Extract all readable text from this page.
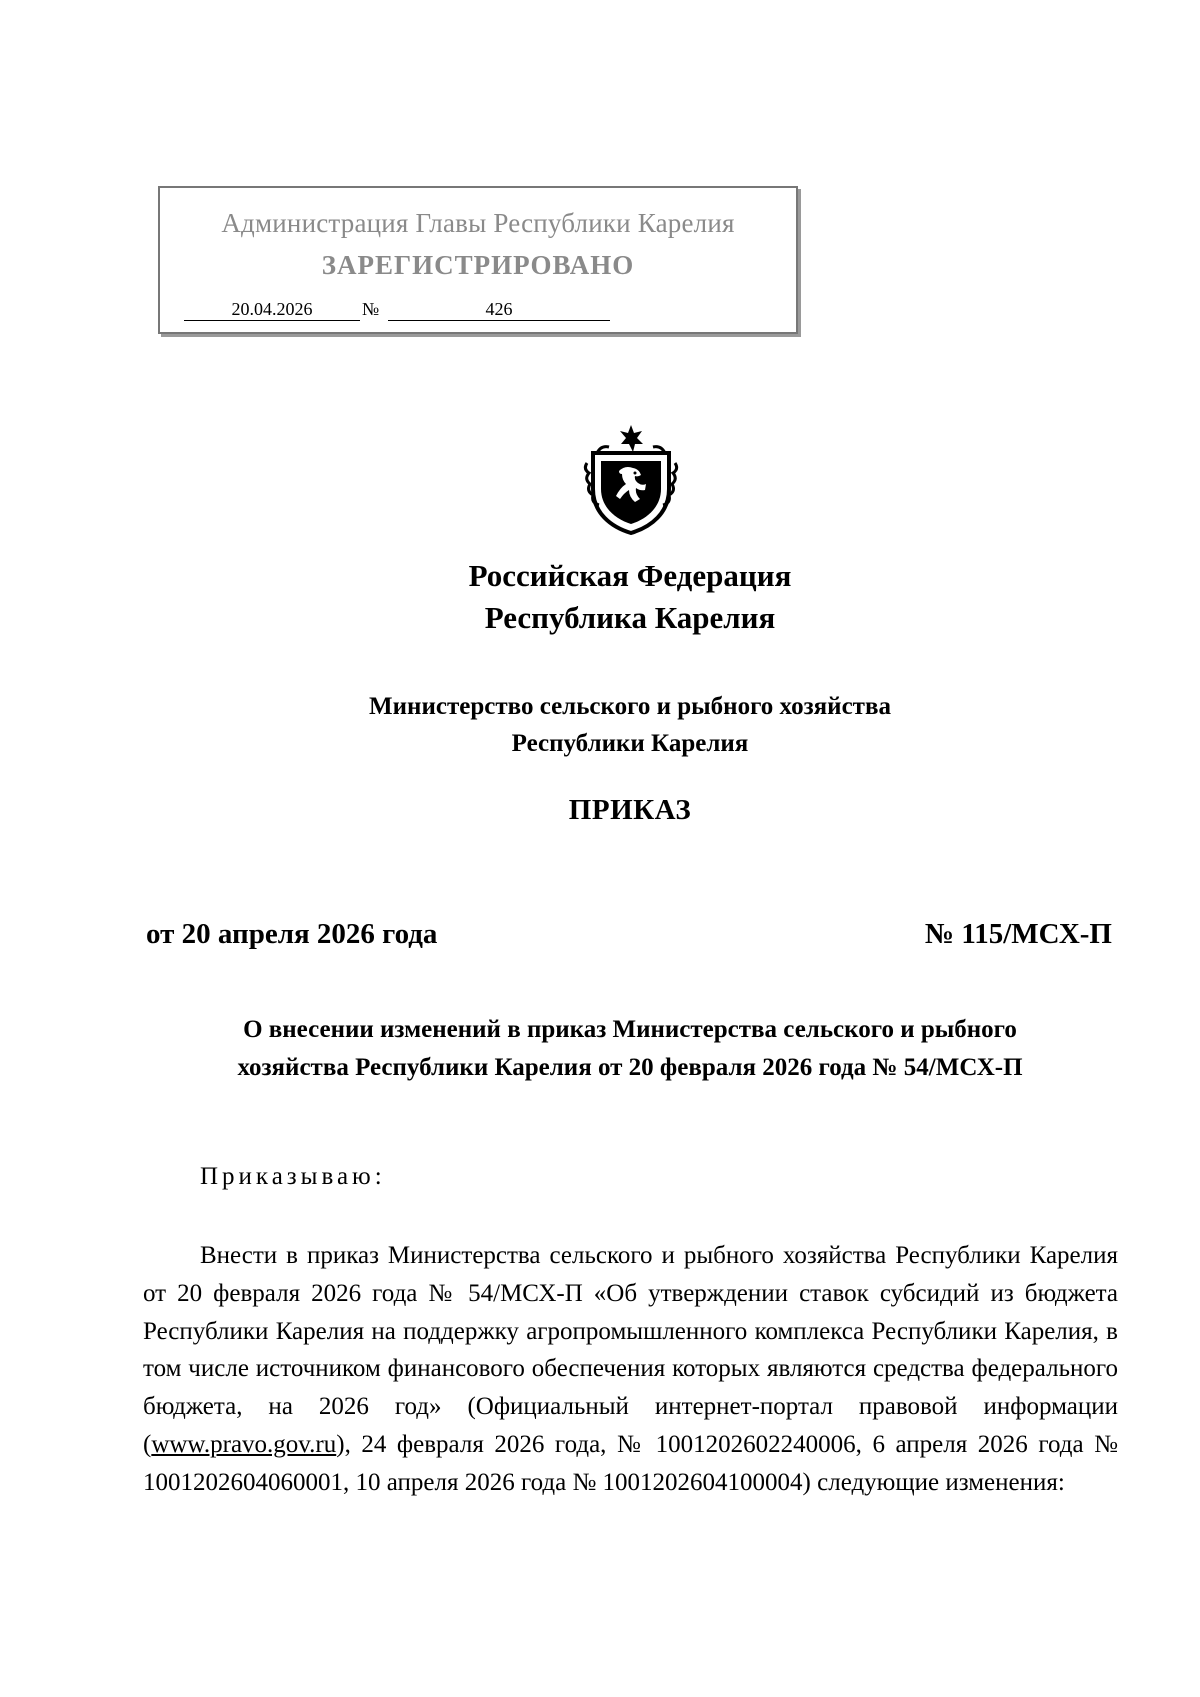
Администрация Главы Республики Карелия
ЗАРЕГИСТРИРОВАНО
20.04.2026	№	426
Российская Федерация
Республика Карелия
Министерство сельского и рыбного хозяйства
Республики Карелия
ПРИКАЗ
от 20 апреля 2026 года	№ 115/МСХ-П
О внесении изменений в приказ Министерства сельского и рыбного
хозяйства Республики Карелия от 20 февраля 2026 года № 54/МСХ-П
Приказываю:

Внести в приказ Министерства сельского и рыбного хозяйства Республики Карелия от 20 февраля 2026 года № 54/МСХ-П «Об утверждении ставок субсидий из бюджета Республики Карелия на поддержку агропромышленного комплекса Республики Карелия, в том числе источником финансового обеспечения которых являются средства федерального бюджета, на 2026 год» (Официальный интернет-портал правовой информации (www.pravo.gov.ru), 24 февраля 2026 года, № 1001202602240006, 6 апреля 2026 года № 1001202604060001, 10 апреля 2026 года № 1001202604100004) следующие изменения:
